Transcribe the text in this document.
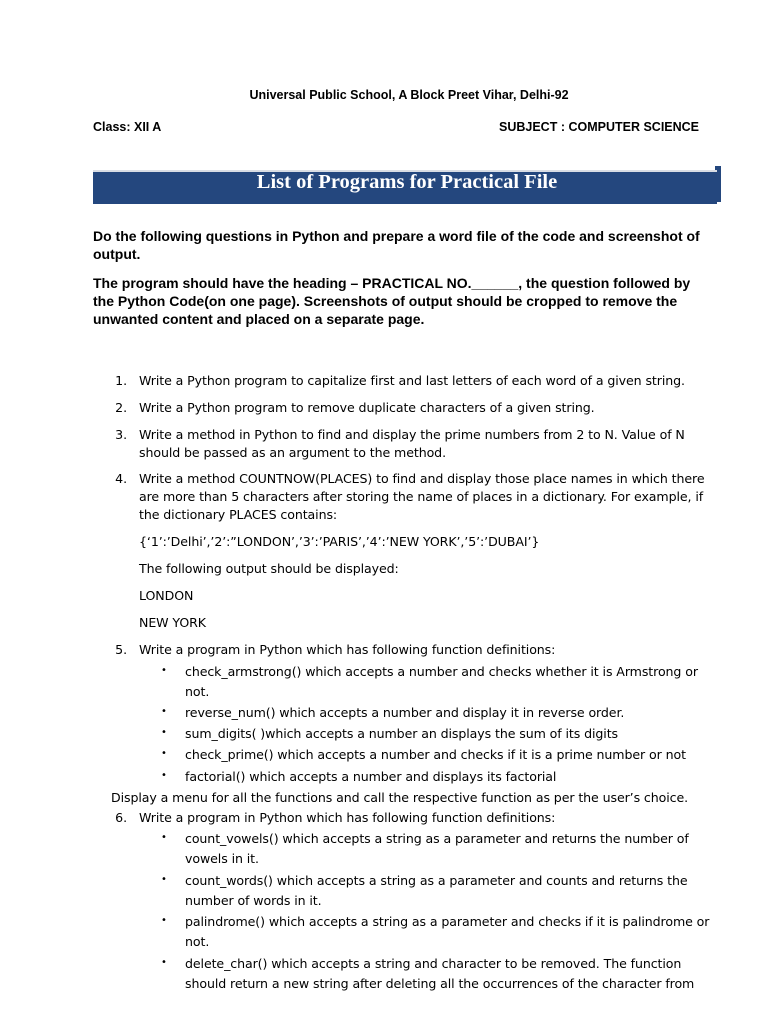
Universal Public School, A Block Preet Vihar, Delhi-92
Class: XII A	SUBJECT : COMPUTER SCIENCE
List of Programs for Practical File
Do the following questions in Python and prepare a word file of the code and screenshot of
output.
The program should have the heading – PRACTICAL NO.______, the question followed by
the Python Code(on one page). Screenshots of output should be cropped to remove the
unwanted content and placed on a separate page.
1. Write a Python program to capitalize first and last letters of each word of a given string.
2. Write a Python program to remove duplicate characters of a given string.
3. Write a method in Python to find and display the prime numbers from 2 to N. Value of N
should be passed as an argument to the method.
4. Write a method COUNTNOW(PLACES) to find and display those place names in which there
are more than 5 characters after storing the name of places in a dictionary. For example, if
the dictionary PLACES contains:
{‘1’:’Delhi’,’2’:”LONDON’,’3’:’PARIS’,’4’:’NEW YORK’,’5’:’DUBAI’}
The following output should be displayed:
LONDON
NEW YORK
5. Write a program in Python which has following function definitions:
• check_armstrong() which accepts a number and checks whether it is Armstrong or
not.
• reverse_num() which accepts a number and display it in reverse order.
• sum_digits( )which accepts a number an displays the sum of its digits
• check_prime() which accepts a number and checks if it is a prime number or not
• factorial() which accepts a number and displays its factorial
Display a menu for all the functions and call the respective function as per the user’s choice.
6. Write a program in Python which has following function definitions:
• count_vowels() which accepts a string as a parameter and returns the number of
vowels in it.
• count_words() which accepts a string as a parameter and counts and returns the
number of words in it.
• palindrome() which accepts a string as a parameter and checks if it is palindrome or
not.
• delete_char() which accepts a string and character to be removed. The function
should return a new string after deleting all the occurrences of the character from
